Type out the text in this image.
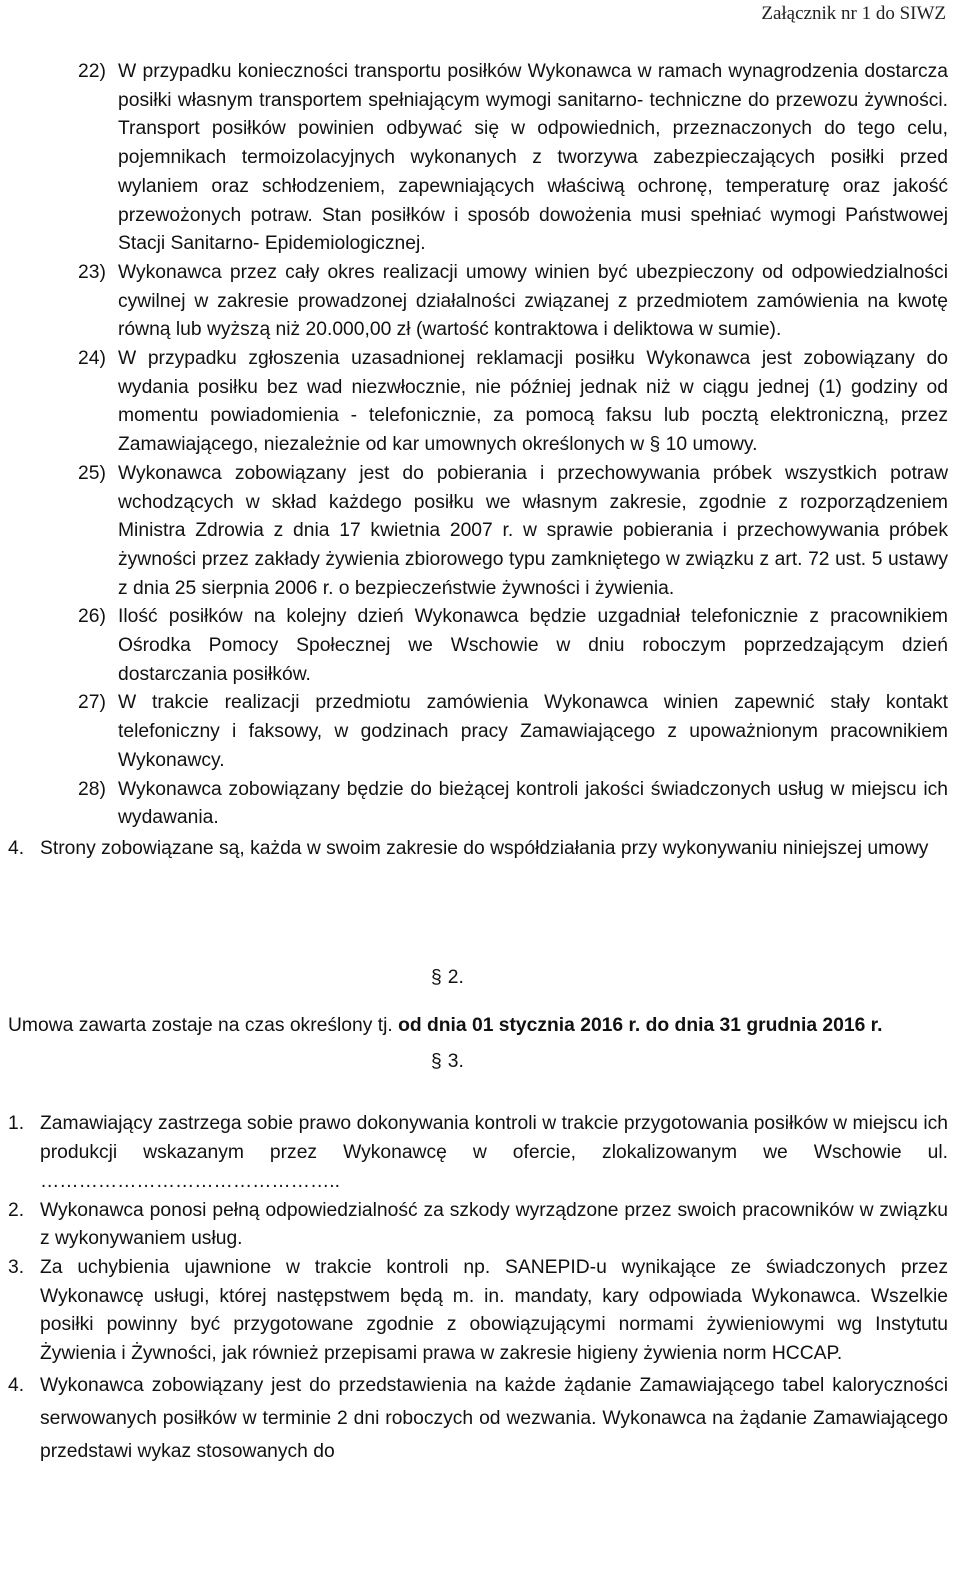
Załącznik nr 1 do SIWZ
22) W przypadku konieczności transportu posiłków Wykonawca w ramach wynagrodzenia dostarcza posiłki własnym transportem spełniającym wymogi sanitarno- techniczne do przewozu żywności. Transport posiłków powinien odbywać się w odpowiednich, przeznaczonych do tego celu, pojemnikach termoizolacyjnych wykonanych z tworzywa zabezpieczających posiłki przed wylaniem oraz schłodzeniem, zapewniających właściwą ochronę, temperaturę oraz jakość przewożonych potraw. Stan posiłków i sposób dowożenia musi spełniać wymogi Państwowej Stacji Sanitarno- Epidemiologicznej.
23) Wykonawca przez cały okres realizacji umowy winien być ubezpieczony od odpowiedzialności cywilnej w zakresie prowadzonej działalności związanej z przedmiotem zamówienia na kwotę równą lub wyższą niż 20.000,00 zł (wartość kontraktowa i deliktowa w sumie).
24) W przypadku zgłoszenia uzasadnionej reklamacji posiłku Wykonawca jest zobowiązany do wydania posiłku bez wad niezwłocznie, nie później jednak niż w ciągu jednej (1) godziny od momentu powiadomienia - telefonicznie, za pomocą faksu lub pocztą elektroniczną, przez Zamawiającego, niezależnie od kar umownych określonych w § 10 umowy.
25) Wykonawca zobowiązany jest do pobierania i przechowywania próbek wszystkich potraw wchodzących w skład każdego posiłku we własnym zakresie, zgodnie z rozporządzeniem Ministra Zdrowia z dnia 17 kwietnia 2007 r. w sprawie pobierania i przechowywania próbek żywności przez zakłady żywienia zbiorowego typu zamkniętego w związku z art. 72 ust. 5 ustawy z dnia 25 sierpnia 2006 r. o bezpieczeństwie żywności i żywienia.
26) Ilość posiłków na kolejny dzień Wykonawca będzie uzgadniał telefonicznie z pracownikiem Ośrodka Pomocy Społecznej we Wschowie w dniu roboczym poprzedzającym dzień dostarczania posiłków.
27) W trakcie realizacji przedmiotu zamówienia Wykonawca winien zapewnić stały kontakt telefoniczny i faksowy, w godzinach pracy Zamawiającego z upoważnionym pracownikiem Wykonawcy.
28) Wykonawca zobowiązany będzie do bieżącej kontroli jakości świadczonych usług w miejscu ich wydawania.
4. Strony zobowiązane są, każda w swoim zakresie do współdziałania przy wykonywaniu niniejszej umowy
§ 2.
Umowa zawarta zostaje na czas określony tj. od dnia 01 stycznia 2016 r. do dnia 31 grudnia 2016 r.
§ 3.
1. Zamawiający zastrzega sobie prawo dokonywania kontroli w trakcie przygotowania posiłków w miejscu ich produkcji wskazanym przez Wykonawcę w ofercie, zlokalizowanym we Wschowie ul. ………………………………………..
2. Wykonawca ponosi pełną odpowiedzialność za szkody wyrządzone przez swoich pracowników w związku z wykonywaniem usług.
3. Za uchybienia ujawnione w trakcie kontroli np. SANEPID-u wynikające ze świadczonych przez Wykonawcę usługi, której następstwem będą m. in. mandaty, kary odpowiada Wykonawca. Wszelkie posiłki powinny być przygotowane zgodnie z obowiązującymi normami żywieniowymi wg Instytutu Żywienia i Żywności, jak również przepisami prawa w zakresie higieny żywienia norm HCCAP.
4. Wykonawca zobowiązany jest do przedstawienia na każde żądanie Zamawiającego tabel kaloryczności serwowanych posiłków w terminie 2 dni roboczych od wezwania. Wykonawca na żądanie Zamawiającego przedstawi wykaz stosowanych do
